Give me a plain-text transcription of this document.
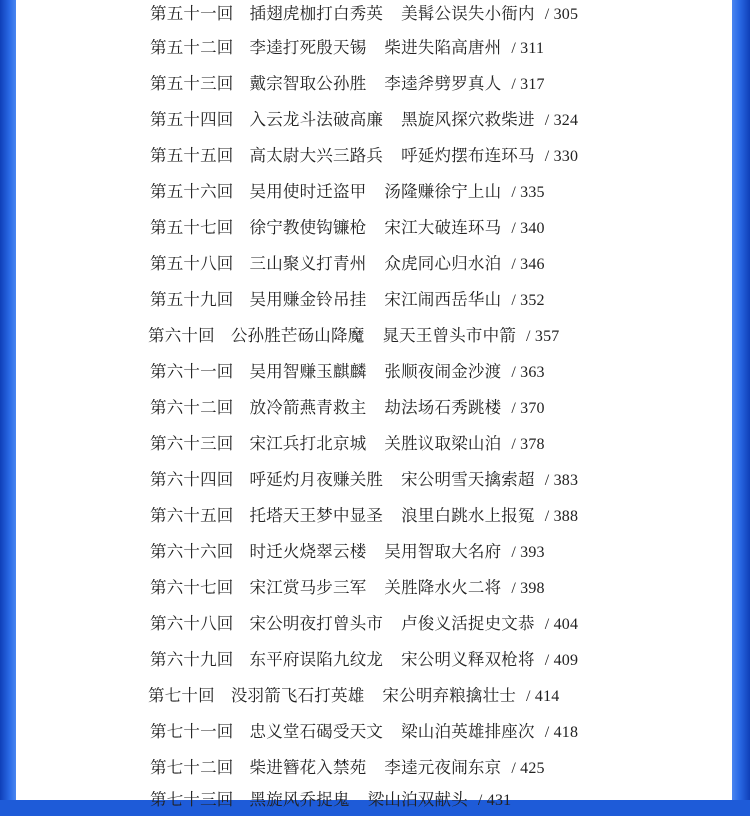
第五十一回 插翅虎枷打白秀英 美髯公误失小衙内 / 305
第五十二回 李逵打死殷天锡 柴进失陷高唐州 / 311
第五十三回 戴宗智取公孙胜 李逵斧劈罗真人 / 317
第五十四回 入云龙斗法破高廉 黑旋风探穴救柴进 / 324
第五十五回 高太尉大兴三路兵 呼延灼摆布连环马 / 330
第五十六回 吴用使时迁盗甲 汤隆赚徐宁上山 / 335
第五十七回 徐宁教使钩镰枪 宋江大破连环马 / 340
第五十八回 三山聚义打青州 众虎同心归水泊 / 346
第五十九回 吴用赚金铃吊挂 宋江闹西岳华山 / 352
第六十回 公孙胜芒砀山降魔 晁天王曾头市中箭 / 357
第六十一回 吴用智赚玉麒麟 张顺夜闹金沙渡 / 363
第六十二回 放冷箭燕青救主 劫法场石秀跳楼 / 370
第六十三回 宋江兵打北京城 关胜议取梁山泊 / 378
第六十四回 呼延灼月夜赚关胜 宋公明雪天擒索超 / 383
第六十五回 托塔天王梦中显圣 浪里白跳水上报冤 / 388
第六十六回 时迁火烧翠云楼 吴用智取大名府 / 393
第六十七回 宋江赏马步三军 关胜降水火二将 / 398
第六十八回 宋公明夜打曾头市 卢俊义活捉史文恭 / 404
第六十九回 东平府误陷九纹龙 宋公明义释双枪将 / 409
第七十回 没羽箭飞石打英雄 宋公明弃粮擒壮士 / 414
第七十一回 忠义堂石碣受天文 梁山泊英雄排座次 / 418
第七十二回 柴进簪花入禁苑 李逵元夜闹东京 / 425
第七十三回 黑旋风乔捉鬼 梁山泊双献头 / 431
